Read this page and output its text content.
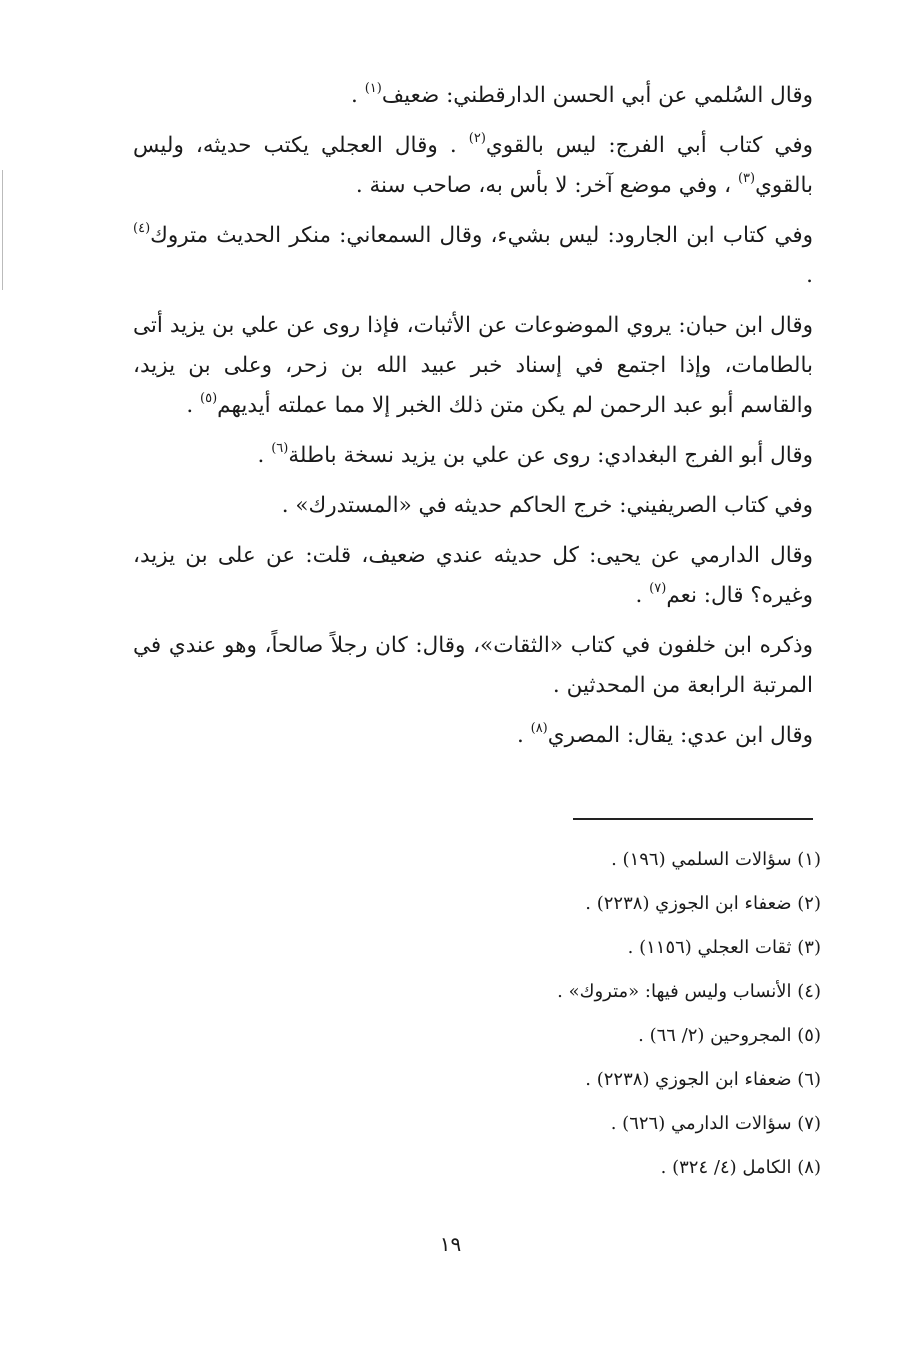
وقال السُلمي عن أبي الحسن الدارقطني: ضعيف$^{(١)}$ .

وفي كتاب أبي الفرج: ليس بالقوي$^{(٢)}$ . وقال العجلي يكتب حديثه، وليس بالقوي$^{(٣)}$ ، وفي موضع آخر: لا بأس به، صاحب سنة .

وفي كتاب ابن الجارود: ليس بشيء، وقال السمعاني: منكر الحديث متروك$^{(٤)}$ .

وقال ابن حبان: يروي الموضوعات عن الأثبات، فإذا روى عن علي بن يزيد أتى بالطامات، وإذا اجتمع في إسناد خبر عبيد الله بن زحر، وعلى بن يزيد، والقاسم أبو عبد الرحمن لم يكن متن ذلك الخبر إلا مما عملته أيديهم$^{(٥)}$ .

وقال أبو الفرج البغدادي: روى عن علي بن يزيد نسخة باطلة$^{(٦)}$ .

وفي كتاب الصريفيني: خرج الحاكم حديثه في «المستدرك» .

وقال الدارمي عن يحيى: كل حديثه عندي ضعيف، قلت: عن على بن يزيد، وغيره؟ قال: نعم$^{(٧)}$ .

وذكره ابن خلفون في كتاب «الثقات»، وقال: كان رجلاً صالحاً، وهو عندي في المرتبة الرابعة من المحدثين .

وقال ابن عدي: يقال: المصري$^{(٨)}$ .

(١) سؤالات السلمي (١٩٦) .
(٢) ضعفاء ابن الجوزي (٢٢٣٨) .
(٣) ثقات العجلي (١١٥٦) .
(٤) الأنساب وليس فيها: «متروك» .
(٥) المجروحين (٢/ ٦٦) .
(٦) ضعفاء ابن الجوزي (٢٢٣٨) .
(٧) سؤالات الدارمي (٦٢٦) .
(٨) الكامل (٤/ ٣٢٤) .
١٩
